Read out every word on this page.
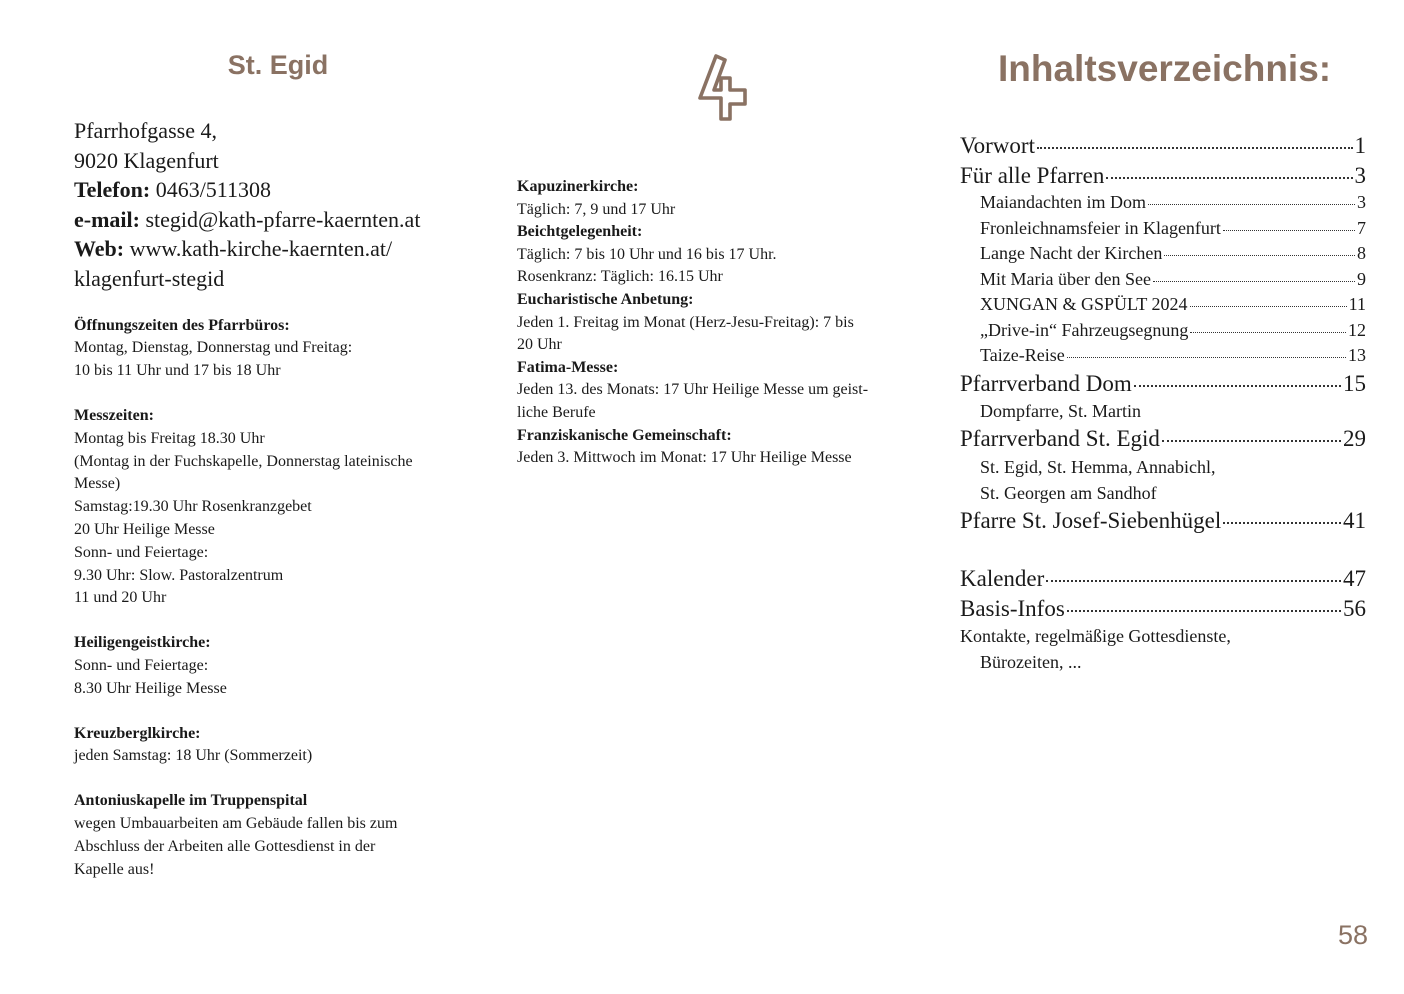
St. Egid
Pfarrhofgasse 4,
9020 Klagenfurt
Telefon: 0463/511308
e-mail: stegid@kath-pfarre-kaernten.at
Web: www.kath-kirche-kaernten.at/
klagenfurt-stegid
Öffnungszeiten des Pfarrbüros:
Montag, Dienstag, Donnerstag und Freitag:
10 bis 11 Uhr und 17 bis 18 Uhr
Messzeiten:
Montag bis Freitag 18.30 Uhr
(Montag in der Fuchskapelle, Donnerstag lateinische
Messe)
Samstag:19.30 Uhr Rosenkranzgebet
20 Uhr Heilige Messe
Sonn- und Feiertage:
9.30 Uhr: Slow. Pastoralzentrum
11 und 20 Uhr
Heiligengeistkirche:
Sonn- und Feiertage:
8.30 Uhr Heilige Messe
Kreuzberglkirche:
jeden Samstag: 18 Uhr (Sommerzeit)
Antoniuskapelle im Truppenspital
wegen Umbauarbeiten am Gebäude fallen bis zum
Abschluss der Arbeiten alle Gottesdienst in der
Kapelle aus!
Kapuzinerkirche:
Täglich: 7, 9 und 17 Uhr
Beichtgelegenheit:
Täglich: 7 bis 10 Uhr und 16 bis 17 Uhr.
Rosenkranz: Täglich: 16.15 Uhr
Eucharistische Anbetung:
Jeden 1. Freitag im Monat (Herz-Jesu-Freitag): 7 bis
20 Uhr
Fatima-Messe:
Jeden 13. des Monats: 17 Uhr Heilige Messe um geist-
liche Berufe
Franziskanische Gemeinschaft:
Jeden 3. Mittwoch im Monat: 17 Uhr Heilige Messe
Inhaltsverzeichnis:
Vorwort	1
Für alle Pfarren	3
Maiandachten im Dom	3
Fronleichnamsfeier in Klagenfurt	7
Lange Nacht der Kirchen	8
Mit Maria über den See	9
XUNGAN & GSPÜLT 2024	11
„Drive-in“ Fahrzeugsegnung	12
Taize-Reise	13
Pfarrverband Dom	15
Dompfarre, St. Martin
Pfarrverband St. Egid	29
St. Egid, St. Hemma, Annabichl,
St. Georgen am Sandhof
Pfarre St. Josef-Siebenhügel	41
Kalender	47
Basis-Infos	56
Kontakte, regelmäßige Gottesdienste,
Bürozeiten, ...
58
